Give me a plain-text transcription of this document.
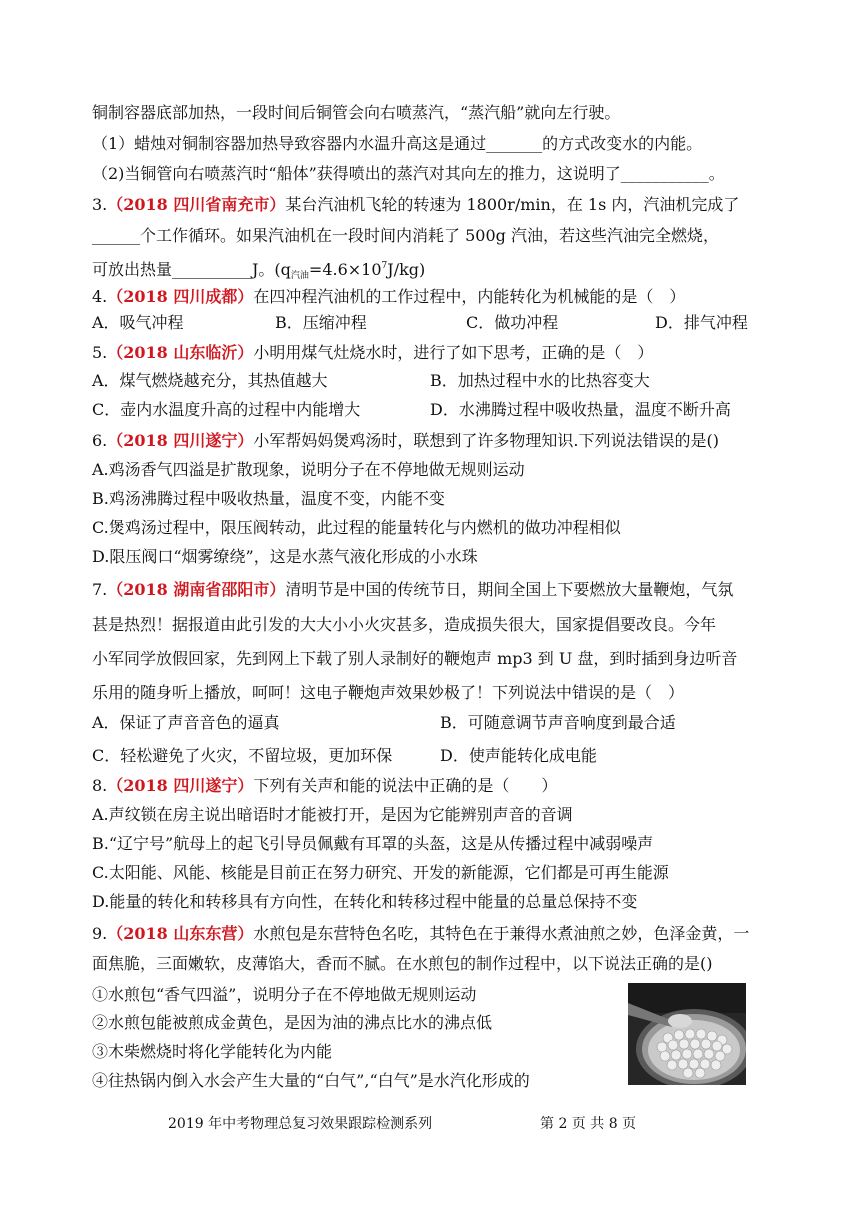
铜制容器底部加热，一段时间后铜管会向右喷蒸汽，“蒸汽船”就向左行驶。
（1）蜡烛对铜制容器加热导致容器内水温升高这是通过_______的方式改变水的内能。
（2)当铜管向右喷蒸汽时“船体”获得喷出的蒸汽对其向左的推力，这说明了___________。
3.（2018 四川省南充市）某台汽油机飞轮的转速为 1800r/min，在 1s 内，汽油机完成了
______个工作循环。如果汽油机在一段时间内消耗了 500g 汽油，若这些汽油完全燃烧，
可放出热量__________J。$(q_{汽油}=4.6\times 10^7J/kg)$
4.（2018 四川成都）在四冲程汽油机的工作过程中，内能转化为机械能的是（　）
A．吸气冲程	B．压缩冲程	C．做功冲程	D．排气冲程
5.（2018 山东临沂）小明用煤气灶烧水时，进行了如下思考，正确的是（　）
A．煤气燃烧越充分，其热值越大	B．加热过程中水的比热容变大
C．壶内水温度升高的过程中内能增大	D．水沸腾过程中吸收热量，温度不断升高
6.（2018 四川遂宁）小军帮妈妈煲鸡汤时，联想到了许多物理知识.下列说法错误的是()
A.鸡汤香气四溢是扩散现象，说明分子在不停地做无规则运动
B.鸡汤沸腾过程中吸收热量，温度不变，内能不变
C.煲鸡汤过程中，限压阀转动，此过程的能量转化与内燃机的做功冲程相似
D.限压阀口“烟雾缭绕”，这是水蒸气液化形成的小水珠
7.（2018 湖南省邵阳市）清明节是中国的传统节日，期间全国上下要燃放大量鞭炮，气氛
甚是热烈！据报道由此引发的大大小小火灾甚多，造成损失很大，国家提倡要改良。今年
小军同学放假回家，先到网上下载了别人录制好的鞭炮声 mp3 到 U 盘，到时插到身边听音
乐用的随身听上播放，呵呵！这电子鞭炮声效果妙极了！下列说法中错误的是（　）
A．保证了声音音色的逼真	B．可随意调节声音响度到最合适
C．轻松避免了火灾，不留垃圾，更加环保	D．使声能转化成电能
8.（2018 四川遂宁）下列有关声和能的说法中正确的是（　　）
A.声纹锁在房主说出暗语时才能被打开，是因为它能辨别声音的音调
B.“辽宁号”航母上的起飞引导员佩戴有耳罩的头盔，这是从传播过程中减弱噪声
C.太阳能、风能、核能是目前正在努力研究、开发的新能源，它们都是可再生能源
D.能量的转化和转移具有方向性，在转化和转移过程中能量的总量总保持不变
9.（2018 山东东营）水煎包是东营特色名吃，其特色在于兼得水煮油煎之妙，色泽金黄，一
面焦脆，三面嫩软，皮薄馅大，香而不腻。在水煎包的制作过程中，以下说法正确的是()
①水煎包“香气四溢”，说明分子在不停地做无规则运动
②水煎包能被煎成金黄色，是因为油的沸点比水的沸点低
③木柴燃烧时将化学能转化为内能
④往热锅内倒入水会产生大量的“白气”,“白气”是水汽化形成的
2019 年中考物理总复习效果跟踪检测系列	第 2 页 共 8 页
